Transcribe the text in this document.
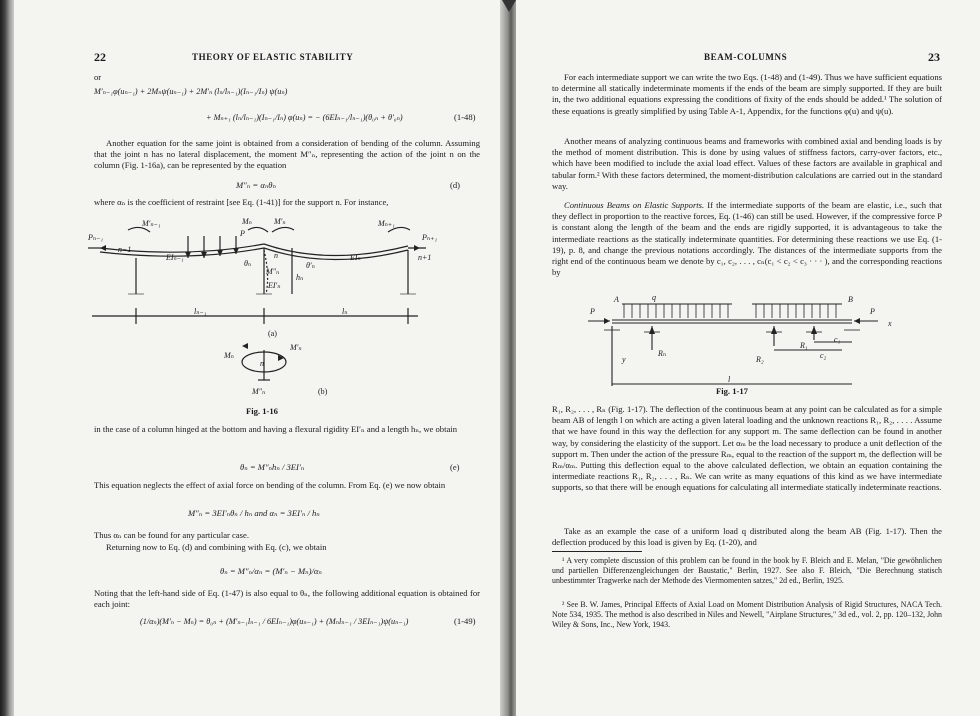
22	THEORY OF ELASTIC STABILITY
or
M′ₙ₋₁φ(uₙ₋₁) + 2Mₙψ(uₙ₋₁) + 2M′ₙ (lₙ/lₙ₋₁)(Iₙ₋₁/Iₙ) ψ(uₙ)
+ Mₙ₊₁ (lₙ/lₙ₋₁)(Iₙ₋₁/Iₙ) φ(uₙ) = − (6EIₙ₋₁/lₙ₋₁)(θ₀ₙ + θ′₀ₙ)	(1-48)
Another equation for the same joint is obtained from a consideration of bending of the column. Assuming that the joint n has no lateral displacement, the moment M″ₙ, representing the action of the joint n on the column (Fig. 1-16a), can be represented by the equation
M″ₙ = αₙθₙ	(d)
where αₙ is the coefficient of restraint [see Eq. (1-41)] for the support n. For instance,
M′ₙ₋₁	Mₙ	M′ₙ	Mₙ₊₁
Pₙ₋₁	Pₙ₊₁
P
n−1
n	n+1
EIₙ₋₁	EIₙ
EI′ₙ
θₙ	θ′ₙ
M″ₙ
hₙ
lₙ₋₁	lₙ
Mₙ
M′ₙ
n
M″ₙ
(a)
(b)
Fig. 1-16
in the case of a column hinged at the bottom and having a flexural rigidity EI′ₙ and a length hₙ, we obtain
θₙ = M″ₙhₙ / 3EI′ₙ	(e)
This equation neglects the effect of axial force on bending of the column. From Eq. (e) we now obtain
M″ₙ = 3EI′ₙθₙ / hₙ and αₙ = 3EI′ₙ / hₙ
Thus αₙ can be found for any particular case.
Returning now to Eq. (d) and combining with Eq. (c), we obtain
θₙ = M″ₙ/αₙ = (M′ₙ − Mₙ)/αₙ
Noting that the left-hand side of Eq. (1-47) is also equal to θₙ, the following additional equation is obtained for each joint:
(1/αₙ)(M′ₙ − Mₙ) = θ₀ₙ + (M′ₙ₋₁lₙ₋₁ / 6EIₙ₋₁)φ(uₙ₋₁) + (Mₙlₙ₋₁ / 3EIₙ₋₁)ψ(uₙ₋₁)	(1-49)
BEAM-COLUMNS	23
For each intermediate support we can write the two Eqs. (1-48) and (1-49). Thus we have sufficient equations to determine all statically indeterminate moments if the ends of the beam are simply supported. If they are built in, the two additional equations expressing the conditions of fixity of the ends should be added.¹ The solution of these equations is greatly simplified by using Table A-1, Appendix, for the functions φ(u) and ψ(u).
Another means of analyzing continuous beams and frameworks with combined axial and bending loads is by the method of moment distribution. This is done by using values of stiffness factors, carry-over factors, etc., which have been modified to include the axial load effect. Values of these factors are available in graphical and tabular form.² With these factors determined, the moment-distribution calculations are carried out in the standard way.
Continuous Beams on Elastic Supports. If the intermediate supports of the beam are elastic, i.e., such that they deflect in proportion to the reactive forces, Eq. (1-46) can still be used. However, if the compressive force P is constant along the length of the beam and the ends are rigidly supported, it is advantageous to take the intermediate reactions as the statically indeterminate quantities. For determining these reactions we use Eq. (1-19), p. 8, and change the previous notations accordingly. The distances of the intermediate supports from the right end of the continuous beam we denote by c₁, c₂, . . . , cₙ(c₁ < c₂ < c₃ · · · ), and the corresponding reactions by
P
A	q	B
P
x
y
Rₙ
R₂
R₁
c₁
c₂
l
Fig. 1-17
R₁, R₂, . . . , Rₙ (Fig. 1-17). The deflection of the continuous beam at any point can be calculated as for a simple beam AB of length l on which are acting a given lateral loading and the unknown reactions R₁, R₂, . . . . Assume that we have found in this way the deflection for any support m. The same deflection can be found in another way, by considering the elasticity of the support. Let αₘ be the load necessary to produce a unit deflection of the support m. Then under the action of the pressure Rₘ, equal to the reaction of the support m, the deflection will be Rₘ/αₘ. Putting this deflection equal to the above calculated deflection, we obtain an equation containing the intermediate reactions R₁, R₂, . . . , Rₙ. We can write as many equations of this kind as we have intermediate supports, so that there will be enough equations for calculating all intermediate statically indeterminate reactions.
Take as an example the case of a uniform load q distributed along the beam AB (Fig. 1-17). Then the deflection produced by this load is given by Eq. (1-20), and
¹ A very complete discussion of this problem can be found in the book by F. Bleich and E. Melan, "Die gewöhnlichen und partiellen Differenzengleichungen der Baustatic," Berlin, 1927. See also F. Bleich, "Die Berechnung statisch unbestimmter Tragwerke nach der Methode des Viermomenten satzes," 2d ed., Berlin, 1925.
² See B. W. James, Principal Effects of Axial Load on Moment Distribution Analysis of Rigid Structures, NACA Tech. Note 534, 1935. The method is also described in Niles and Newell, "Airplane Structures," 3d ed., vol. 2, pp. 120–132, John Wiley & Sons, Inc., New York, 1943.
